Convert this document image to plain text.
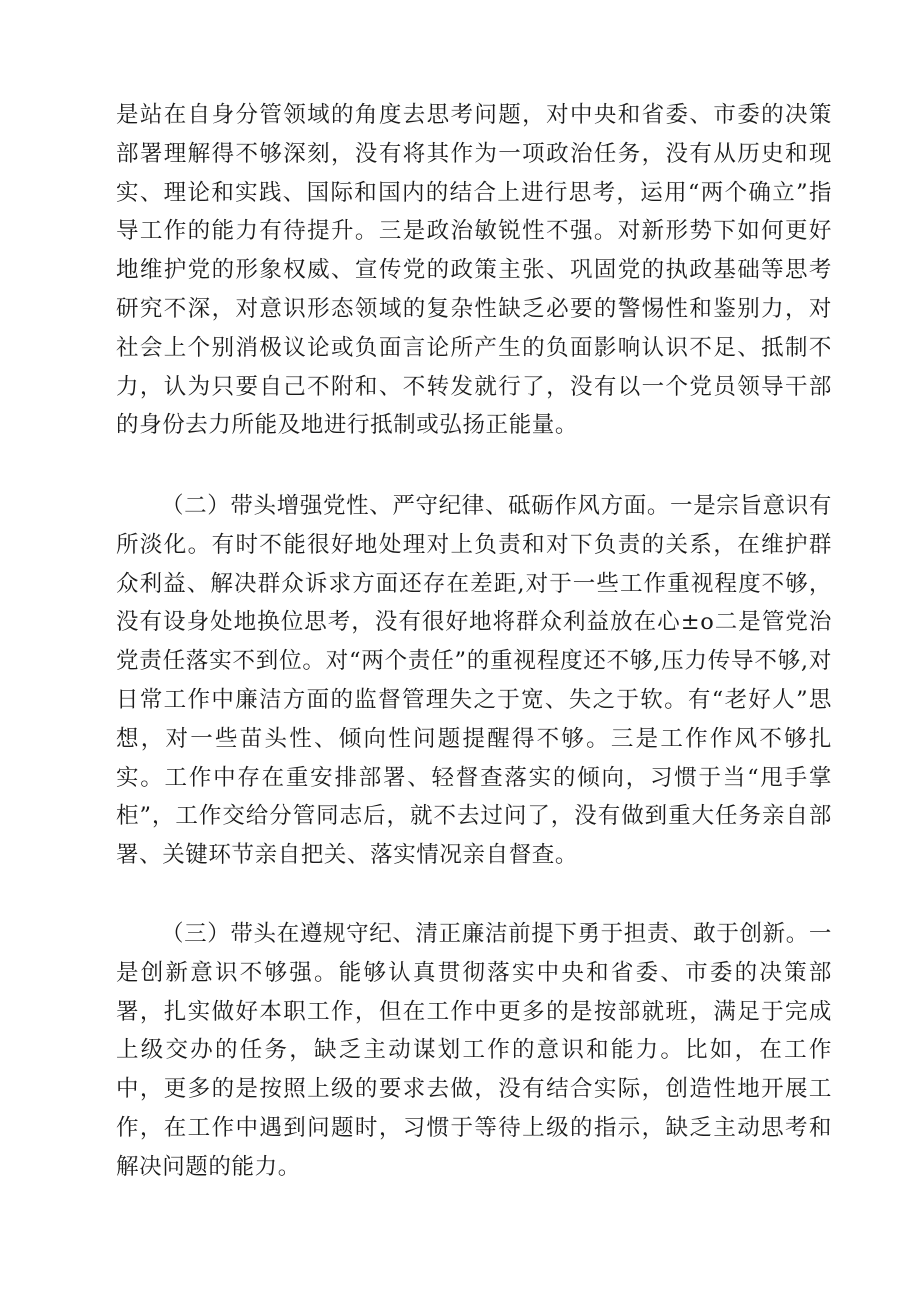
是站在自身分管领域的角度去思考问题，对中央和省委、市委的决策部署理解得不够深刻，没有将其作为一项政治任务，没有从历史和现实、理论和实践、国际和国内的结合上进行思考，运用“两个确立”指导工作的能力有待提升。三是政治敏锐性不强。对新形势下如何更好地维护党的形象权威、宣传党的政策主张、巩固党的执政基础等思考研究不深，对意识形态领域的复杂性缺乏必要的警惕性和鉴别力，对社会上个别消极议论或负面言论所产生的负面影响认识不足、抵制不力，认为只要自己不附和、不转发就行了，没有以一个党员领导干部的身份去力所能及地进行抵制或弘扬正能量。

（二）带头增强党性、严守纪律、砥砺作风方面。一是宗旨意识有所淡化。有时不能很好地处理对上负责和对下负责的关系，在维护群众利益、解决群众诉求方面还存在差距,对于一些工作重视程度不够，没有设身处地换位思考，没有很好地将群众利益放在心±o二是管党治党责任落实不到位。对“两个责任”的重视程度还不够,压力传导不够,对日常工作中廉洁方面的监督管理失之于宽、失之于软。有“老好人”思想，对一些苗头性、倾向性问题提醒得不够。三是工作作风不够扎实。工作中存在重安排部署、轻督查落实的倾向，习惯于当“甩手掌柜”，工作交给分管同志后，就不去过问了，没有做到重大任务亲自部署、关键环节亲自把关、落实情况亲自督查。

（三）带头在遵规守纪、清正廉洁前提下勇于担责、敢于创新。一是创新意识不够强。能够认真贯彻落实中央和省委、市委的决策部署，扎实做好本职工作，但在工作中更多的是按部就班，满足于完成上级交办的任务，缺乏主动谋划工作的意识和能力。比如，在工作中，更多的是按照上级的要求去做，没有结合实际，创造性地开展工作，在工作中遇到问题时，习惯于等待上级的指示，缺乏主动思考和解决问题的能力。
